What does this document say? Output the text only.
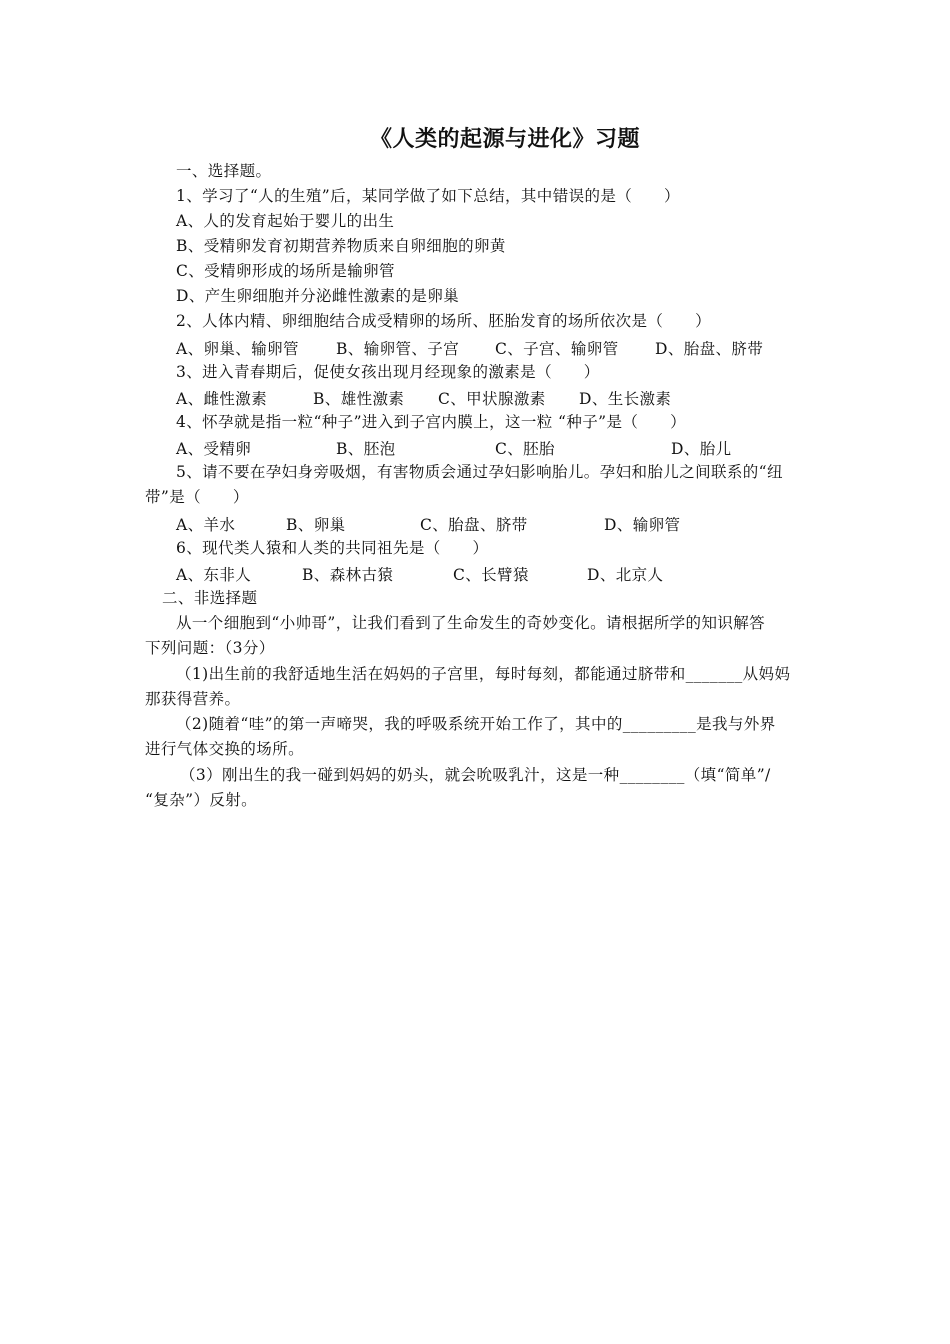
《人类的起源与进化》习题
一、选择题。
1、学习了“人的生殖”后，某同学做了如下总结，其中错误的是（　　）
A、人的发育起始于婴儿的出生
B、受精卵发育初期营养物质来自卵细胞的卵黄
C、受精卵形成的场所是输卵管
D、产生卵细胞并分泌雌性激素的是卵巢
2、人体内精、卵细胞结合成受精卵的场所、胚胎发育的场所依次是（　　）
A、卵巢、输卵管 B、输卵管、子宫 C、子宫、输卵管 D、胎盘、脐带
3、进入青春期后，促使女孩出现月经现象的激素是（　　）
A、雌性激素	B、雄性激素 C、甲状腺激素 D、生长激素
4、怀孕就是指一粒“种子”进入到子宫内膜上，这一粒 “种子”是（　　）
A、受精卵	B、胚泡	C、胚胎	D、胎儿
5、请不要在孕妇身旁吸烟，有害物质会通过孕妇影响胎儿。孕妇和胎儿之间联系的“纽
带”是（　　）
A、羊水	B、卵巢	C、胎盘、脐带	D、输卵管
6、现代类人猿和人类的共同祖先是（　　）
A、东非人	B、森林古猿	C、长臂猿	D、北京人
二、非选择题
从一个细胞到“小帅哥”，让我们看到了生命发生的奇妙变化。请根据所学的知识解答
下列问题：（3分）
（1)出生前的我舒适地生活在妈妈的子宫里，每时每刻，都能通过脐带和_______从妈妈
那获得营养。
（2)随着“哇”的第一声啼哭，我的呼吸系统开始工作了，其中的_________是我与外界
进行气体交换的场所。
（3）刚出生的我一碰到妈妈的奶头，就会吮吸乳汁，这是一种________（填“简单”/
“复杂”）反射。
